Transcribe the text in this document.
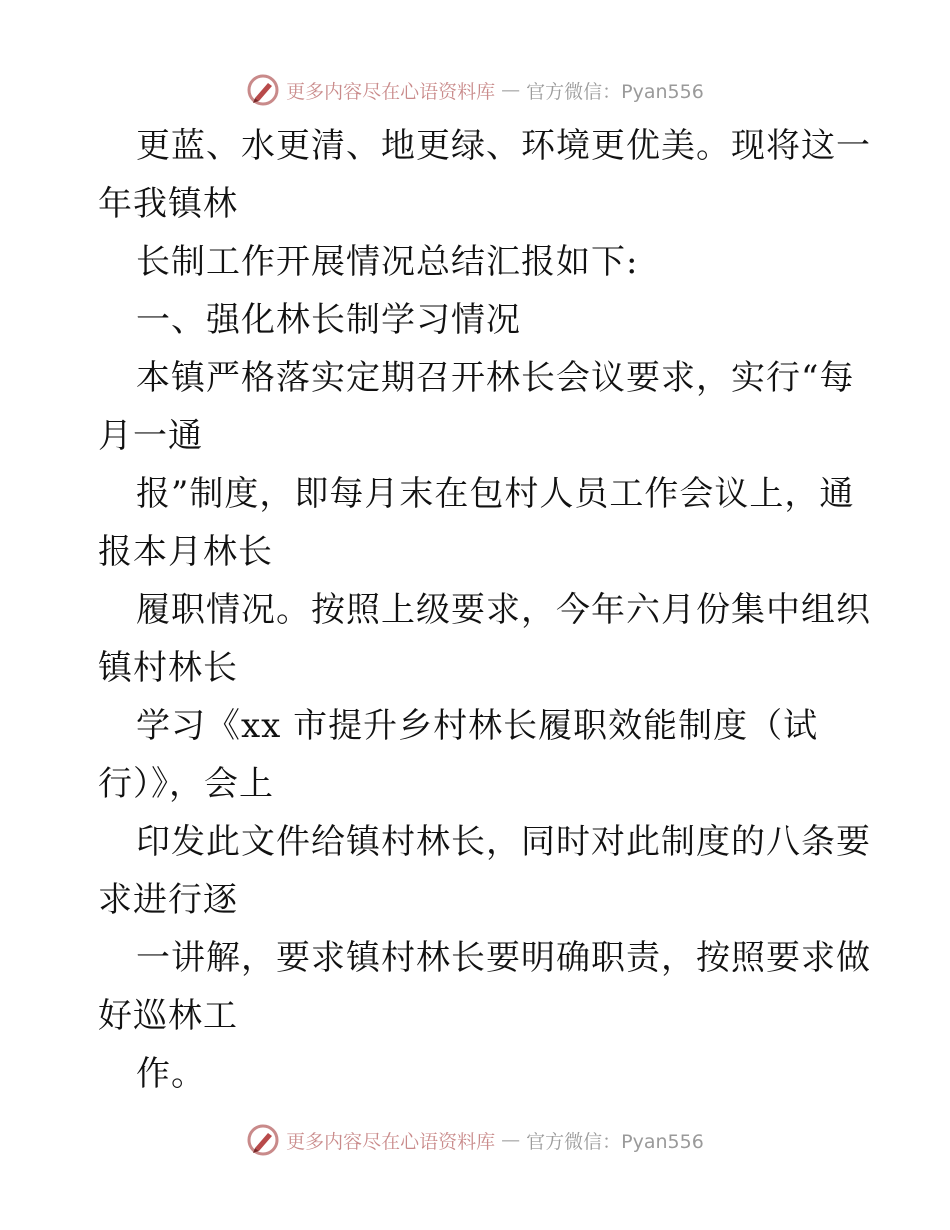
更多内容尽在心语资料库 — 官方微信：Pyan556
更蓝、水更清、地更绿、环境更优美。现将这一
年我镇林
长制工作开展情况总结汇报如下:
一、强化林长制学习情况
本镇严格落实定期召开林长会议要求，实行“每
月一通
报”制度，即每月末在包村人员工作会议上，通
报本月林长
履职情况。按照上级要求，今年六月份集中组织
镇村林长
学习《xx 市提升乡村林长履职效能制度（试
行）》，会上
印发此文件给镇村林长，同时对此制度的八条要
求进行逐
一讲解，要求镇村林长要明确职责，按照要求做
好巡林工
作。
更多内容尽在心语资料库 — 官方微信：Pyan556
